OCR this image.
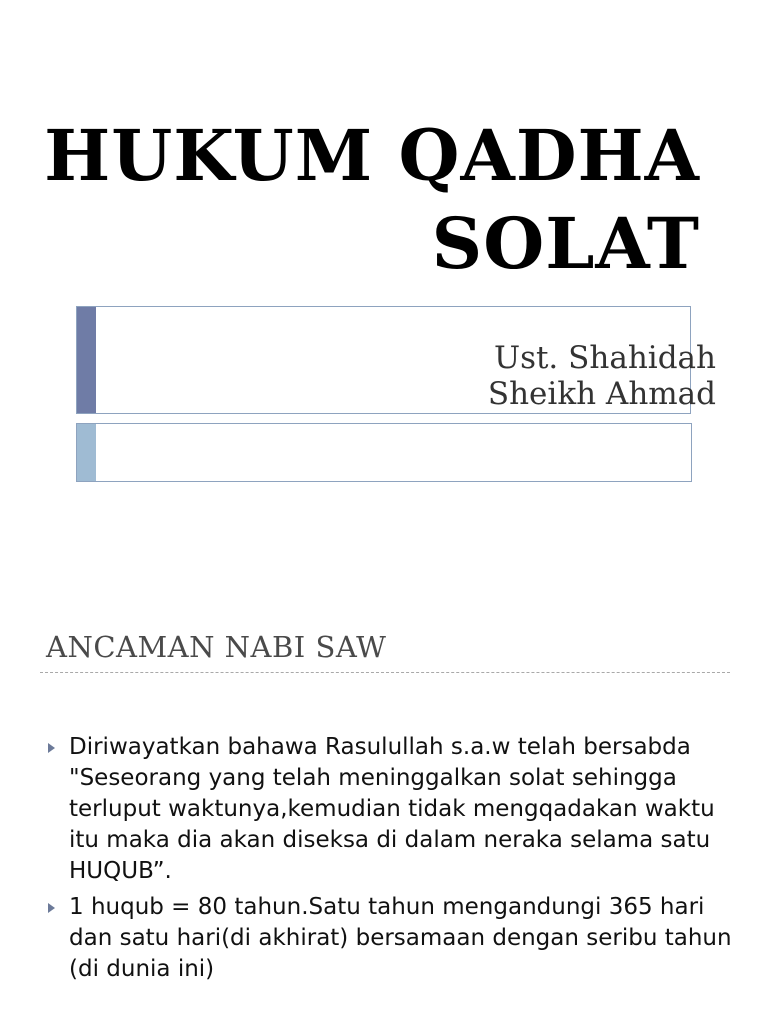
HUKUM QADHA
SOLAT
Ust. Shahidah
Sheikh Ahmad
ANCAMAN NABI SAW
Diriwayatkan bahawa Rasulullah s.a.w telah bersabda "Seseorang yang telah meninggalkan solat sehingga terluput waktunya,kemudian tidak mengqadakan waktu itu maka dia akan diseksa di dalam neraka selama satu HUQUB”.
1 huqub = 80 tahun.Satu tahun mengandungi 365 hari dan satu hari(di akhirat) bersamaan dengan seribu tahun (di dunia ini)
